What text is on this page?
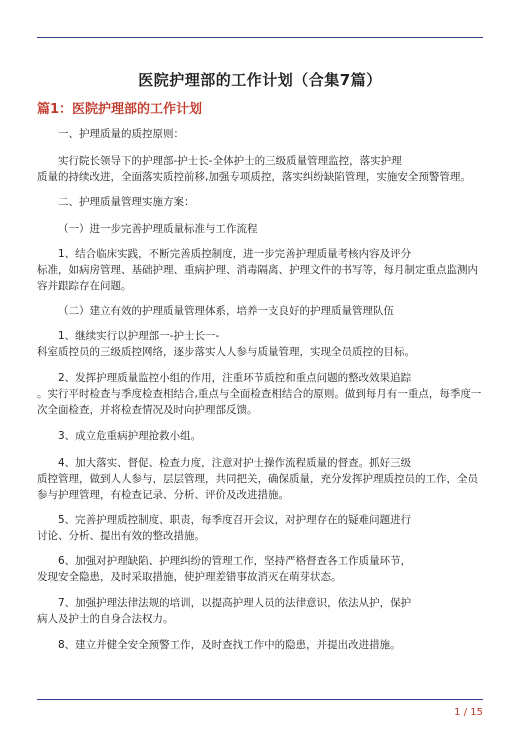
医院护理部的工作计划（合集7篇）
篇1：医院护理部的工作计划
一、护理质量的质控原则：
实行院长领导下的护理部-护士长-全体护士的三级质量管理监控，落实护理
质量的持续改进，全面落实质控前移,加强专项质控，落实纠纷缺陷管理，实施安全预警管理。
二、护理质量管理实施方案：
（一）进一步完善护理质量标准与工作流程
1、结合临床实践，不断完善质控制度，进一步完善护理质量考核内容及评分
标准，如病房管理、基础护理、重病护理、消毒隔离、护理文件的书写等，每月制定重点监测内
容并跟踪存在问题。
（二）建立有效的护理质量管理体系，培养一支良好的护理质量管理队伍
1、继续实行以护理部一-护士长一-
科室质控员的三级质控网络，逐步落实人人参与质量管理，实现全员质控的目标。
2、发挥护理质量监控小组的作用，注重环节质控和重点问题的整改效果追踪
。实行平时检查与季度检查相结合,重点与全面检查相结合的原则。做到每月有一重点，每季度一
次全面检查，并将检查情况及时向护理部反馈。
3、成立危重病护理抢救小组。
4、加大落实、督促、检查力度，注意对护士操作流程质量的督查。抓好三级
质控管理，做到人人参与，层层管理，共同把关，确保质量，充分发挥护理质控员的工作，全员
参与护理管理，有检查记录、分析、评价及改进措施。
5、完善护理质控制度、职责，每季度召开会议，对护理存在的疑难问题进行
讨论、分析、提出有效的整改措施。
6、加强对护理缺陷、护理纠纷的管理工作，坚持严格督查各工作质量环节，
发现安全隐患，及时采取措施，使护理差错事故消灭在萌芽状态。
7、加强护理法律法规的培训，以提高护理人员的法律意识，依法从护，保护
病人及护士的自身合法权力。
8、建立并健全安全预警工作，及时查找工作中的隐患，并提出改进措施。
1 / 15
